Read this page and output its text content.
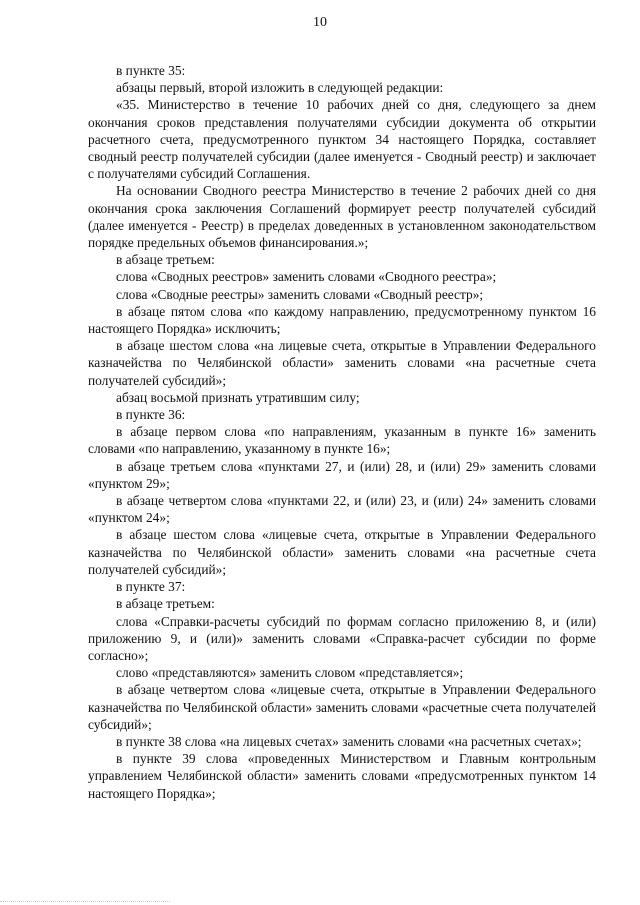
10

в пункте 35:

абзацы первый, второй изложить в следующей редакции:

«35. Министерство в течение 10 рабочих дней со дня, следующего за днем окончания сроков представления получателями субсидии документа об открытии расчетного счета, предусмотренного пунктом 34 настоящего Порядка, составляет сводный реестр получателей субсидии (далее именуется - Сводный реестр) и заключает с получателями субсидий Соглашения.

На основании Сводного реестра Министерство в течение 2 рабочих дней со дня окончания срока заключения Соглашений формирует реестр получателей субсидий (далее именуется - Реестр) в пределах доведенных в установленном законодательством порядке предельных объемов финансирования.»;

в абзаце третьем:

слова «Сводных реестров» заменить словами «Сводного реестра»;

слова «Сводные реестры» заменить словами «Сводный реестр»;

в абзаце пятом слова «по каждому направлению, предусмотренному пунктом 16 настоящего Порядка» исключить;

в абзаце шестом слова «на лицевые счета, открытые в Управлении Федерального казначейства по Челябинской области» заменить словами «на расчетные счета получателей субсидий»;

абзац восьмой признать утратившим силу;

в пункте 36:

в абзаце первом слова «по направлениям, указанным в пункте 16» заменить словами «по направлению, указанному в пункте 16»;

в абзаце третьем слова «пунктами 27, и (или) 28, и (или) 29» заменить словами «пунктом 29»;

в абзаце четвертом слова «пунктами 22, и (или) 23, и (или) 24» заменить словами «пунктом 24»;

в абзаце шестом слова «лицевые счета, открытые в Управлении Федерального казначейства по Челябинской области» заменить словами «на расчетные счета получателей субсидий»;

в пункте 37:

в абзаце третьем:

слова «Справки-расчеты субсидий по формам согласно приложению 8, и (или) приложению 9, и (или)» заменить словами «Справка-расчет субсидии по форме согласно»;

слово «представляются» заменить словом «представляется»;

в абзаце четвертом слова «лицевые счета, открытые в Управлении Федерального казначейства по Челябинской области» заменить словами «расчетные счета получателей субсидий»;

в пункте 38 слова «на лицевых счетах» заменить словами «на расчетных счетах»;

в пункте 39 слова «проведенных Министерством и Главным контрольным управлением Челябинской области» заменить словами «предусмотренных пунктом 14 настоящего Порядка»;
